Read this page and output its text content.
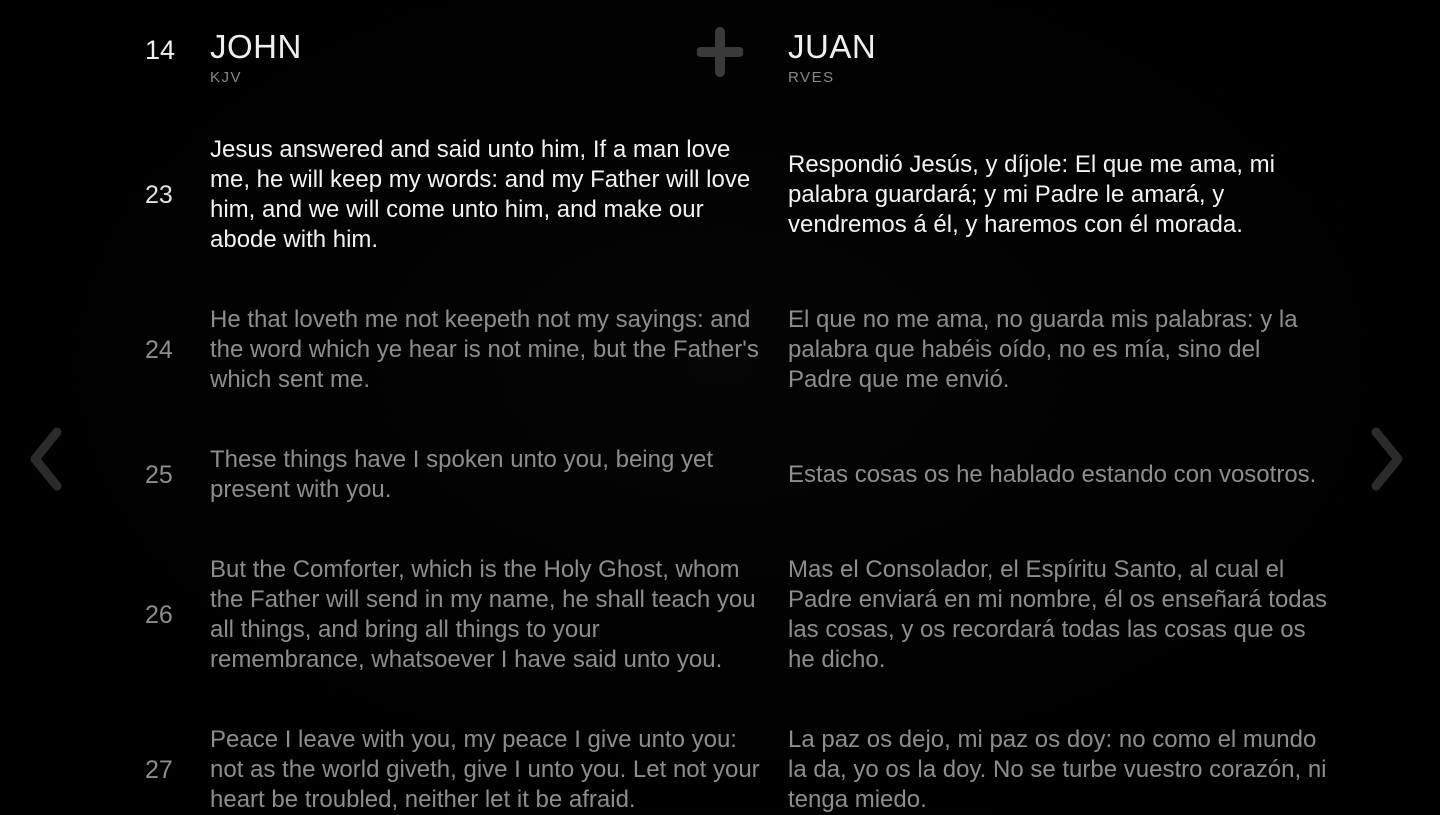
14	JOHN
KJV
JUAN
RVES
23
Jesus answered and said unto him, If a man love me, he will keep my words: and my Father will love him, and we will come unto him, and make our abode with him.
Respondió Jesús, y díjole: El que me ama, mi palabra guardará; y mi Padre le amará, y vendremos á él, y haremos con él morada.
24
He that loveth me not keepeth not my sayings: and the word which ye hear is not mine, but the Father's which sent me.
El que no me ama, no guarda mis palabras: y la palabra que habéis oído, no es mía, sino del Padre que me envió.
25
These things have I spoken unto you, being yet present with you.
Estas cosas os he hablado estando con vosotros.
26
But the Comforter, which is the Holy Ghost, whom the Father will send in my name, he shall teach you all things, and bring all things to your remembrance, whatsoever I have said unto you.
Mas el Consolador, el Espíritu Santo, al cual el Padre enviará en mi nombre, él os enseñará todas las cosas, y os recordará todas las cosas que os he dicho.
27
Peace I leave with you, my peace I give unto you: not as the world giveth, give I unto you. Let not your heart be troubled, neither let it be afraid.
La paz os dejo, mi paz os doy: no como el mundo la da, yo os la doy. No se turbe vuestro corazón, ni tenga miedo.
